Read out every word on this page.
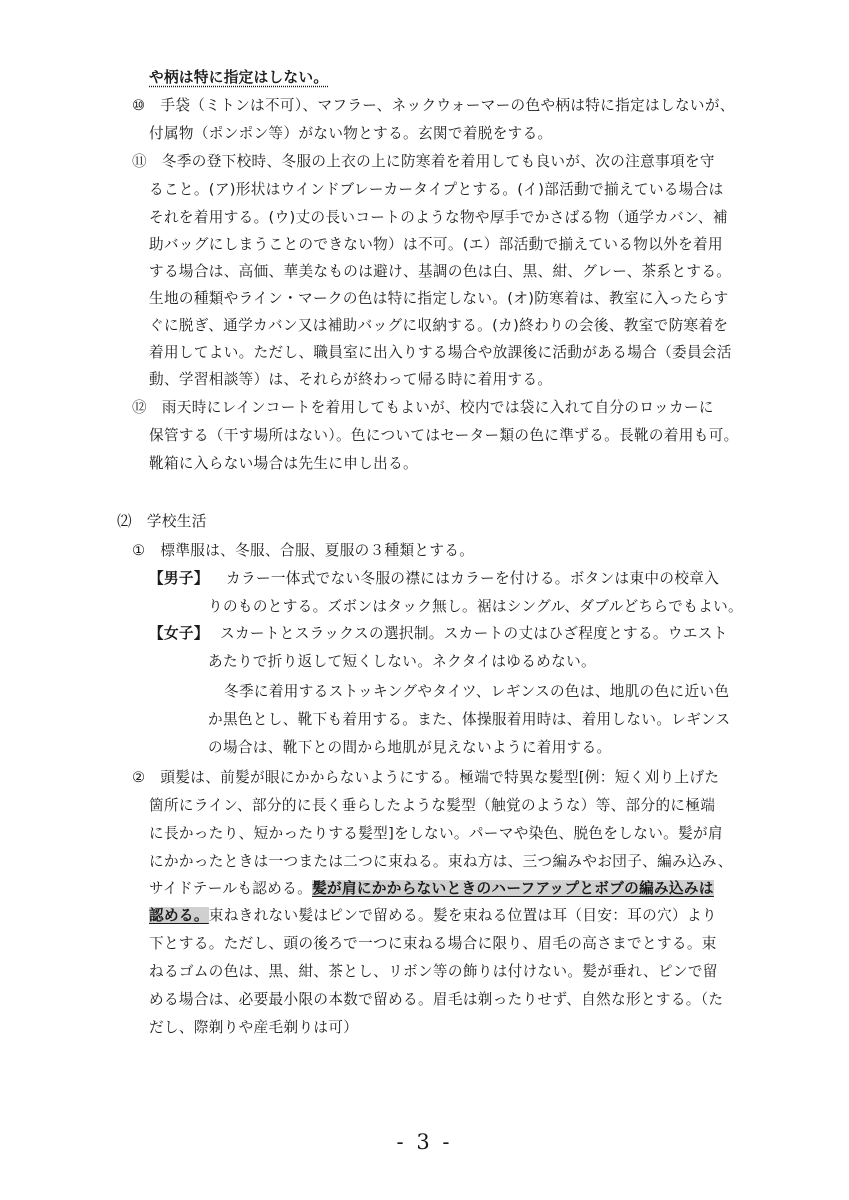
や柄は特に指定はしない。
⑩　手袋（ミトンは不可）、マフラー、ネックウォーマーの色や柄は特に指定はしないが、
付属物（ポンポン等）がない物とする。玄関で着脱をする。
⑪　冬季の登下校時、冬服の上衣の上に防寒着を着用しても良いが、次の注意事項を守
ること。(ア)形状はウインドブレーカータイプとする。(イ)部活動で揃えている場合は
それを着用する。(ウ)丈の長いコートのような物や厚手でかさばる物（通学カバン、補
助バッグにしまうことのできない物）は不可。(エ）部活動で揃えている物以外を着用
する場合は、高価、華美なものは避け、基調の色は白、黒、紺、グレー、茶系とする。
生地の種類やライン・マークの色は特に指定しない。(オ)防寒着は、教室に入ったらす
ぐに脱ぎ、通学カバン又は補助バッグに収納する。(カ)終わりの会後、教室で防寒着を
着用してよい。ただし、職員室に出入りする場合や放課後に活動がある場合（委員会活
動、学習相談等）は、それらが終わって帰る時に着用する。
⑫　雨天時にレインコートを着用してもよいが、校内では袋に入れて自分のロッカーに
保管する（干す場所はない）。色についてはセーター類の色に準ずる。長靴の着用も可。
靴箱に入らない場合は先生に申し出る。
⑵　学校生活
①　標準服は、冬服、合服、夏服の３種類とする。
【男子】 カラー一体式でない冬服の襟にはカラーを付ける。ボタンは東中の校章入
りのものとする。ズボンはタック無し。裾はシングル、ダブルどちらでもよい。
【女子】 スカートとスラックスの選択制。スカートの丈はひざ程度とする。ウエスト
あたりで折り返して短くしない。ネクタイはゆるめない。
冬季に着用するストッキングやタイツ、レギンスの色は、地肌の色に近い色
か黒色とし、靴下も着用する。また、体操服着用時は、着用しない。レギンス
の場合は、靴下との間から地肌が見えないように着用する。
②　頭髪は、前髪が眼にかからないようにする。極端で特異な髪型[例：短く刈り上げた
箇所にライン、部分的に長く垂らしたような髪型（触覚のような）等、部分的に極端
に長かったり、短かったりする髪型]をしない。パーマや染色、脱色をしない。髪が肩
にかかったときは一つまたは二つに束ねる。束ね方は、三つ編みやお団子、編み込み、
サイドテールも認める。髪が肩にかからないときのハーフアップとボブの編み込みは
認める。束ねきれない髪はピンで留める。髪を束ねる位置は耳（目安：耳の穴）より
下とする。ただし、頭の後ろで一つに束ねる場合に限り、眉毛の高さまでとする。束
ねるゴムの色は、黒、紺、茶とし、リボン等の飾りは付けない。髪が垂れ、ピンで留
める場合は、必要最小限の本数で留める。眉毛は剃ったりせず、自然な形とする。（た
だし、際剃りや産毛剃りは可）
- 3 -
